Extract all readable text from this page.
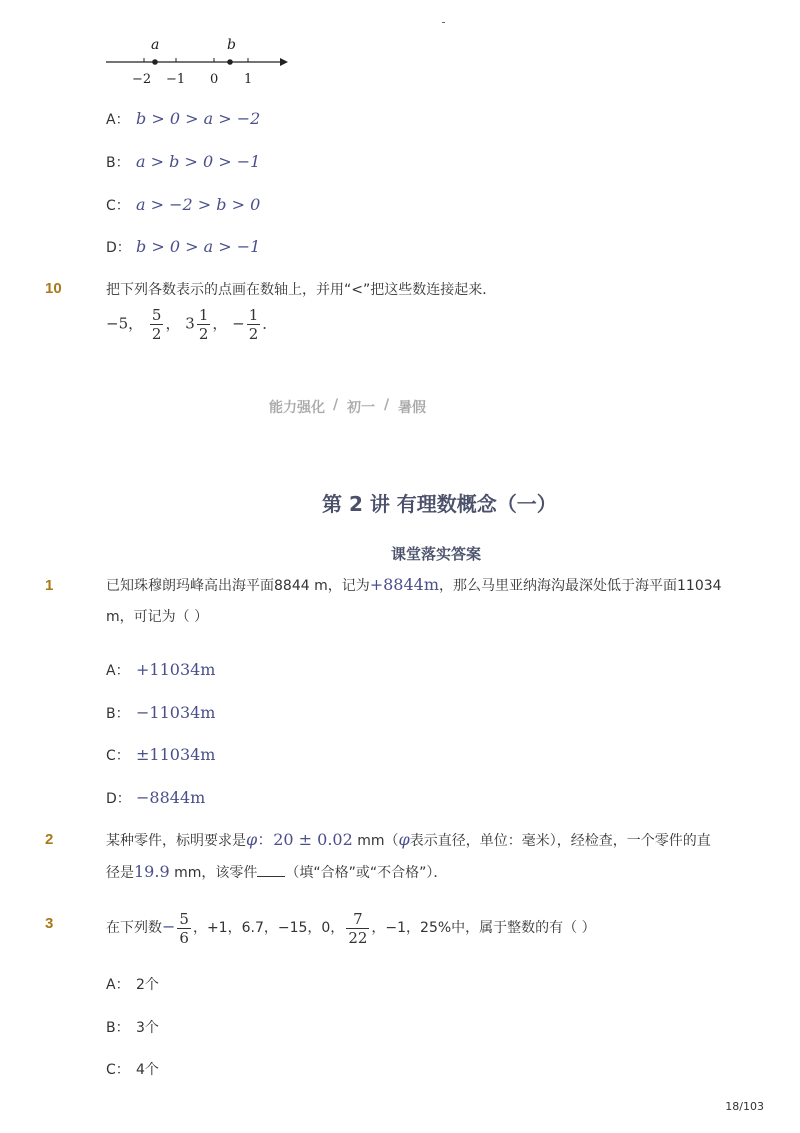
a	b
−2 −1 0 1
A： b > 0 > a > −2
B： a > b > 0 > −1
C： a > −2 > b > 0
D： b > 0 > a > −1
10	把下列各数表示的点画在数轴上，并用“<”把这些数连接起来．
−5， $\frac{5}{2}$ ， $3 \frac{1}{2}$ ， − $\frac{1}{2}$ ．
能力强化 / 初一 / 暑假
第 2 讲 有理数概念（一）
课堂落实答案
1	已知珠穆朗玛峰高出海平面8844 m，记为+8844m，那么马里亚纳海沟最深处低于海平面11034
m，可记为（ ）
A： +11034m
B： −11034m
C： ±11034m
D： −8844m
2	某种零件，标明要求是φ：20 ± 0.02 mm（φ表示直径，单位：毫米），经检查，一个零件的直
径是19.9 mm，该零件 （填“合格”或“不合格”）．
3	在下列数− $\frac{5}{6}$ ，+1，6.7，−15，0， $\frac{7}{22}$ ，−1，25%中，属于整数的有（ ）
A： 2个
B： 3个
C： 4个
18/103
